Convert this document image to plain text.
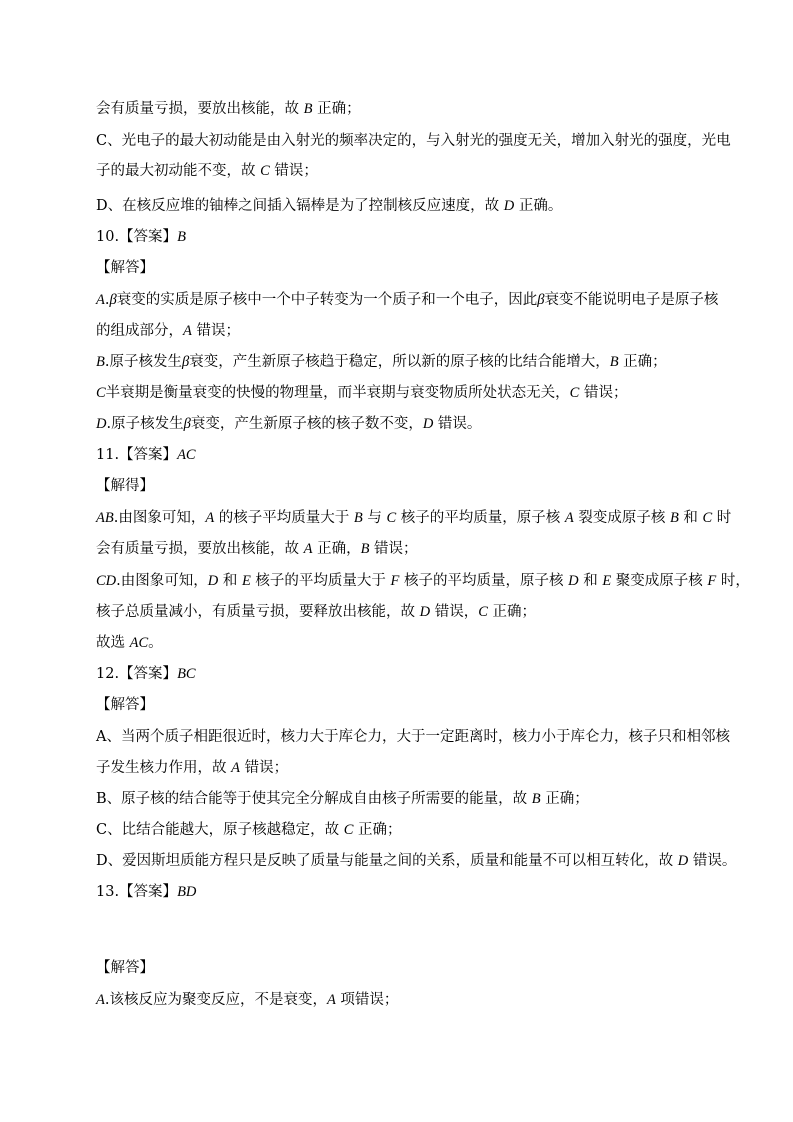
会有质量亏损，要放出核能，故 B 正确；
C、光电子的最大初动能是由入射光的频率决定的，与入射光的强度无关，增加入射光的强度，光电
子的最大初动能不变，故 C 错误；
D、在核反应堆的铀棒之间插入镉棒是为了控制核反应速度，故 D 正确。
10.【答案】B
【解答】
A.β衰变的实质是原子核中一个中子转变为一个质子和一个电子，因此β衰变不能说明电子是原子核
的组成部分，A 错误；
B.原子核发生β衰变，产生新原子核趋于稳定，所以新的原子核的比结合能增大，B 正确；
C半衰期是衡量衰变的快慢的物理量，而半衰期与衰变物质所处状态无关，C 错误；
D.原子核发生β衰变，产生新原子核的核子数不变，D 错误。
11.【答案】AC
【解得】
AB.由图象可知，A 的核子平均质量大于 B 与 C 核子的平均质量，原子核 A 裂变成原子核 B 和 C 时
会有质量亏损，要放出核能，故 A 正确，B 错误；
CD.由图象可知，D 和 E 核子的平均质量大于 F 核子的平均质量，原子核 D 和 E 聚变成原子核 F 时，
核子总质量减小，有质量亏损，要释放出核能，故 D 错误，C 正确；
故选 AC。
12.【答案】BC
【解答】
A、当两个质子相距很近时，核力大于库仑力，大于一定距离时，核力小于库仑力，核子只和相邻核
子发生核力作用，故 A 错误；
B、原子核的结合能等于使其完全分解成自由核子所需要的能量，故 B 正确；
C、比结合能越大，原子核越稳定，故 C 正确；
D、爱因斯坦质能方程只是反映了质量与能量之间的关系，质量和能量不可以相互转化，故 D 错误。
13.【答案】BD
【解答】
A.该核反应为聚变反应，不是衰变，A 项错误；
